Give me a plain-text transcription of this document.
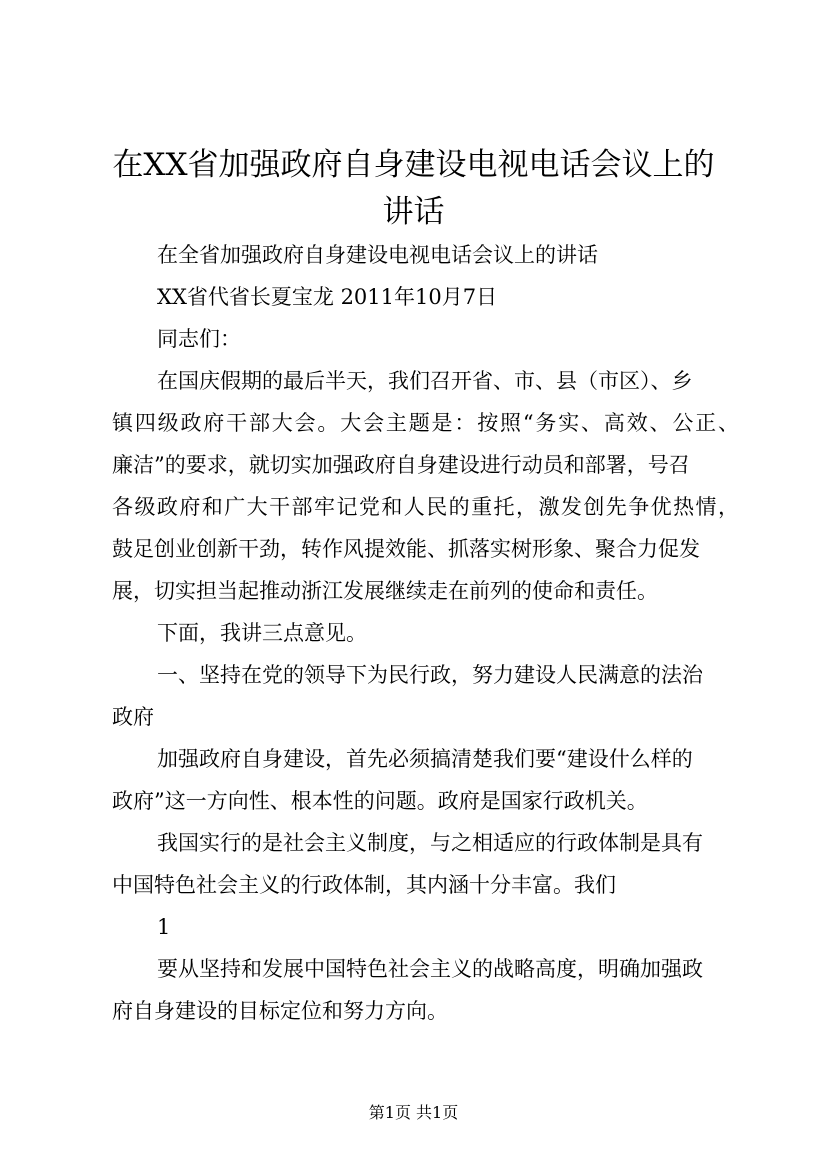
在XX省加强政府自身建设电视电话会议上的
讲话
在全省加强政府自身建设电视电话会议上的讲话
XX省代省长夏宝龙 2011年10月7日
同志们：
在国庆假期的最后半天，我们召开省、市、县（市区）、乡
镇四级政府干部大会。大会主题是：按照“务实、高效、公正、
廉洁”的要求，就切实加强政府自身建设进行动员和部署，号召
各级政府和广大干部牢记党和人民的重托，激发创先争优热情，
鼓足创业创新干劲，转作风提效能、抓落实树形象、聚合力促发
展，切实担当起推动浙江发展继续走在前列的使命和责任。
下面，我讲三点意见。
一、坚持在党的领导下为民行政，努力建设人民满意的法治
政府
加强政府自身建设，首先必须搞清楚我们要“建设什么样的
政府”这一方向性、根本性的问题。政府是国家行政机关。
我国实行的是社会主义制度，与之相适应的行政体制是具有
中国特色社会主义的行政体制，其内涵十分丰富。我们
1
要从坚持和发展中国特色社会主义的战略高度，明确加强政
府自身建设的目标定位和努力方向。
第1页 共1页
